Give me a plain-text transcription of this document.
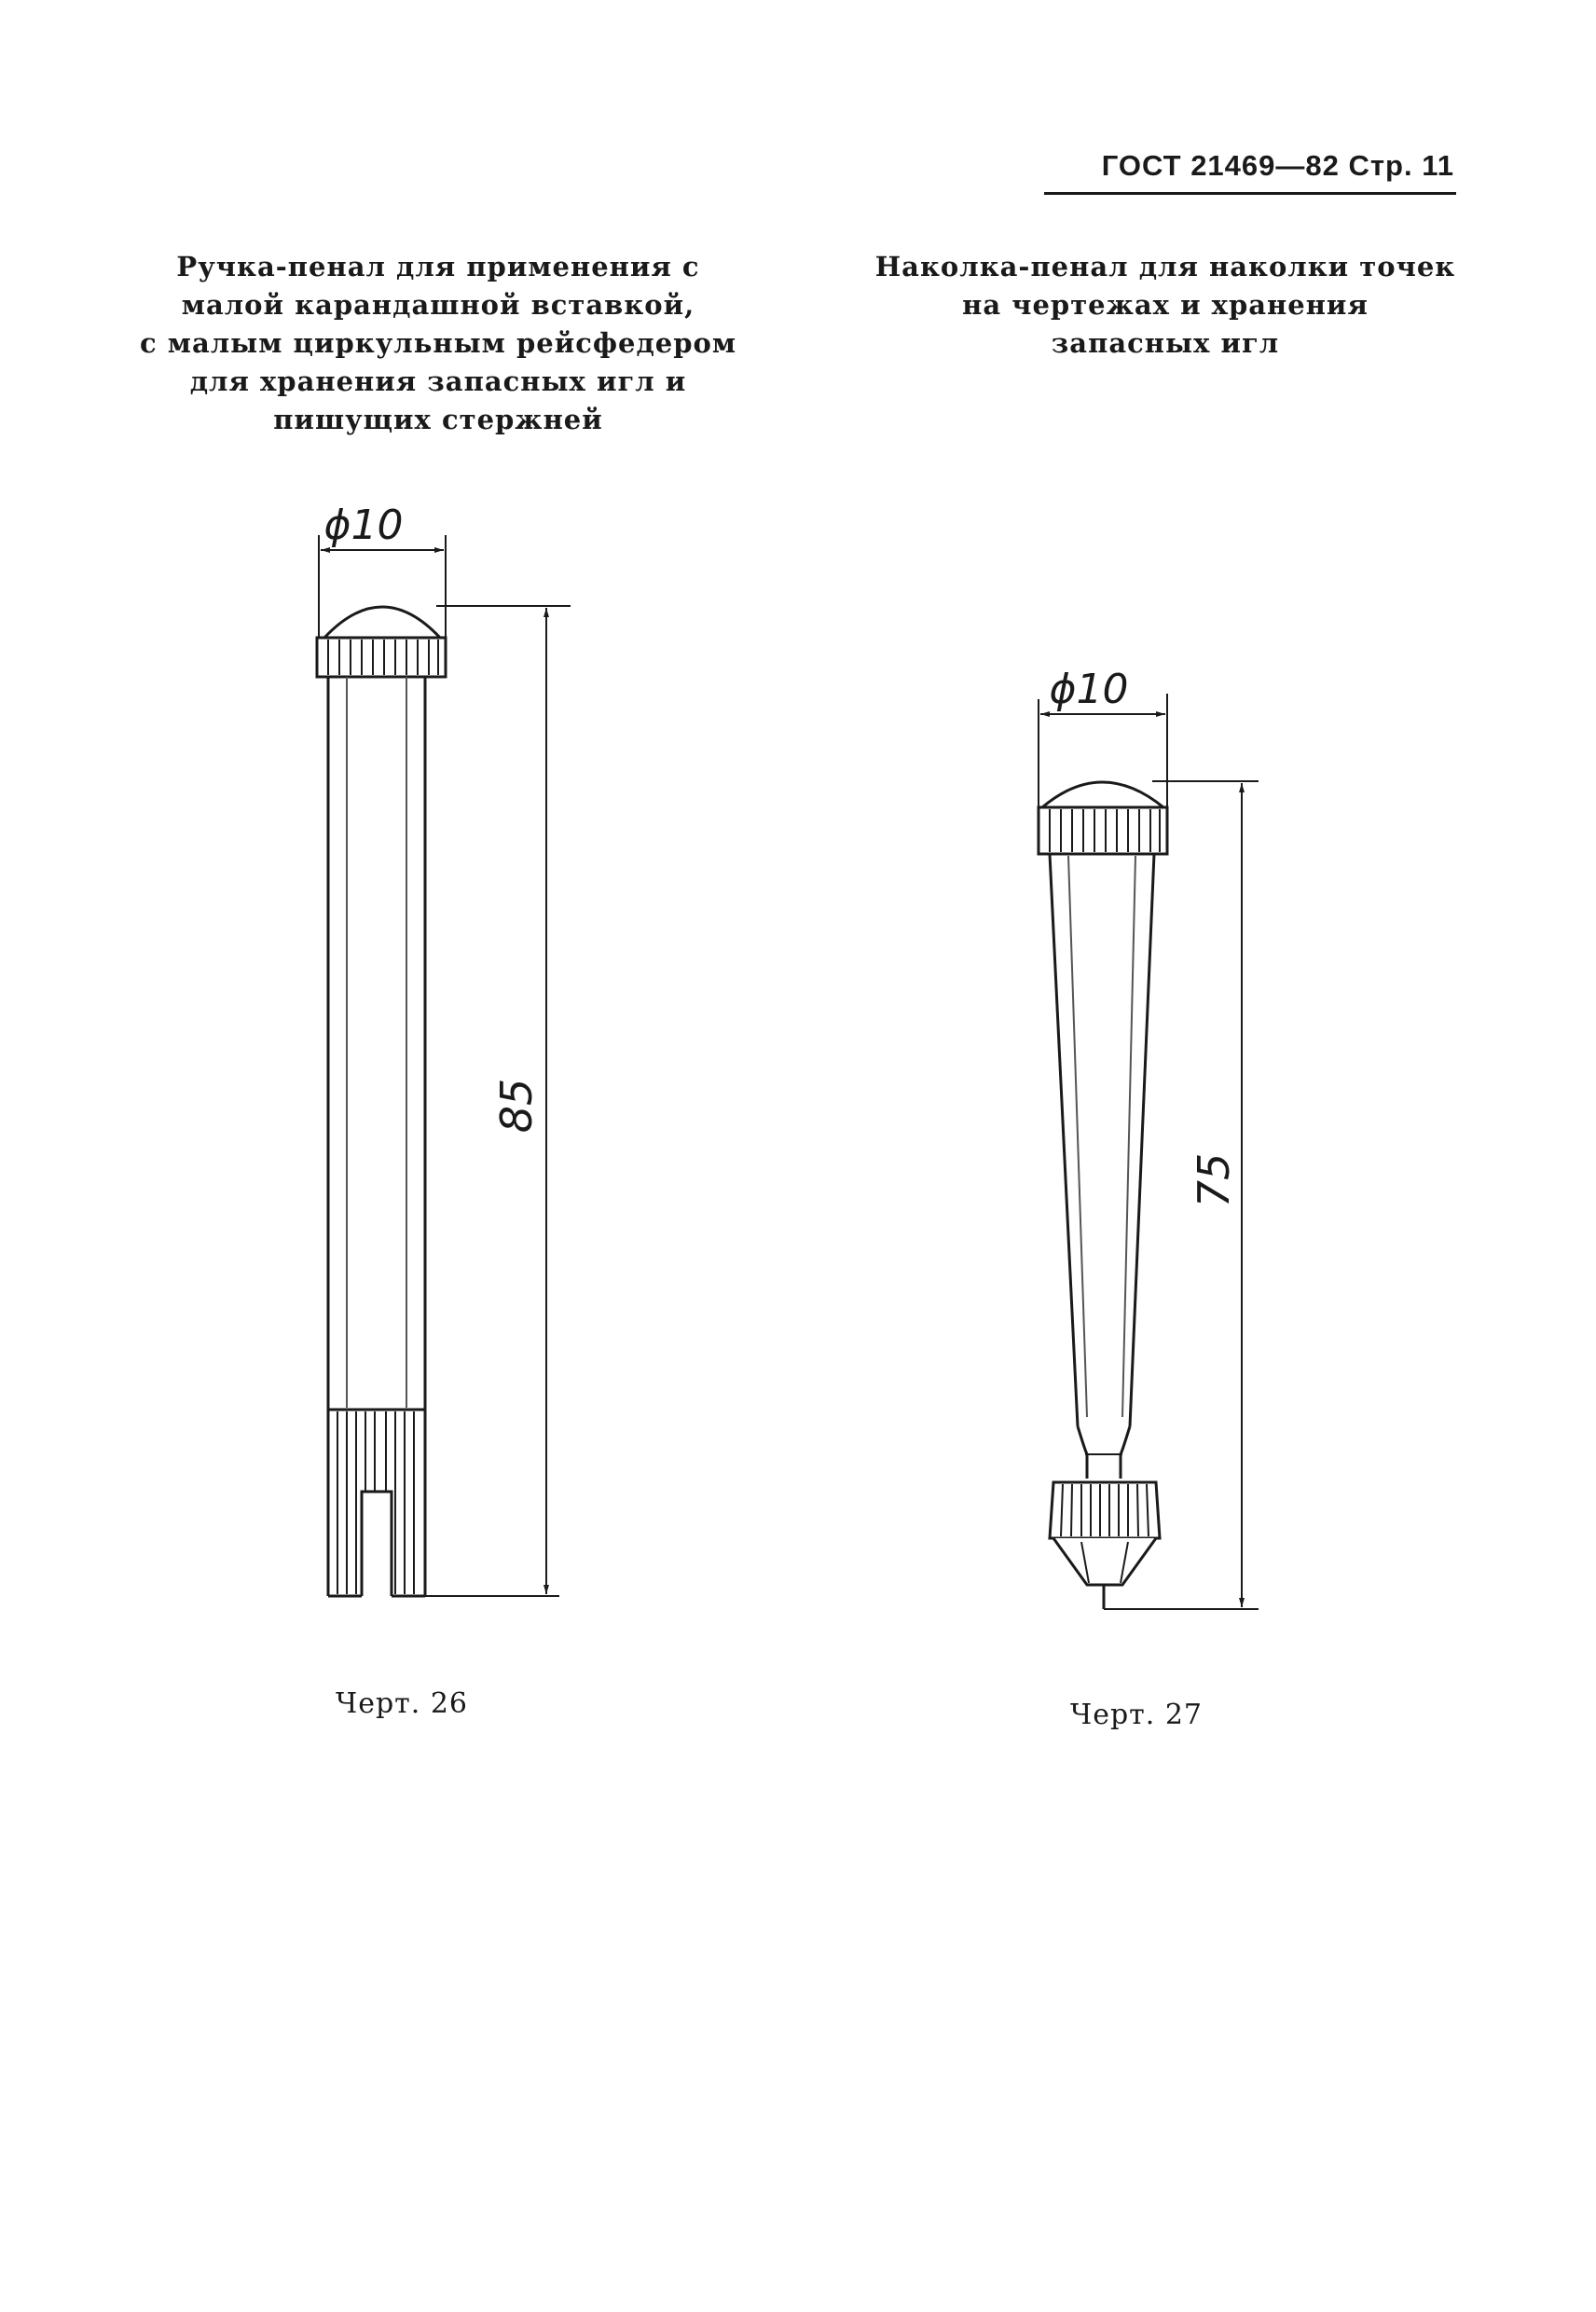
ГОСТ 21469—82 Стр. 11
Ручка-пенал для применения с
малой карандашной вставкой,
с малым циркульным рейсфедером
для хранения запасных игл и
пишущих стержней
Наколка-пенал для наколки точек
на чертежах и хранения
запасных игл
ϕ10
85
ϕ10
75
Черт. 26	Черт. 27
